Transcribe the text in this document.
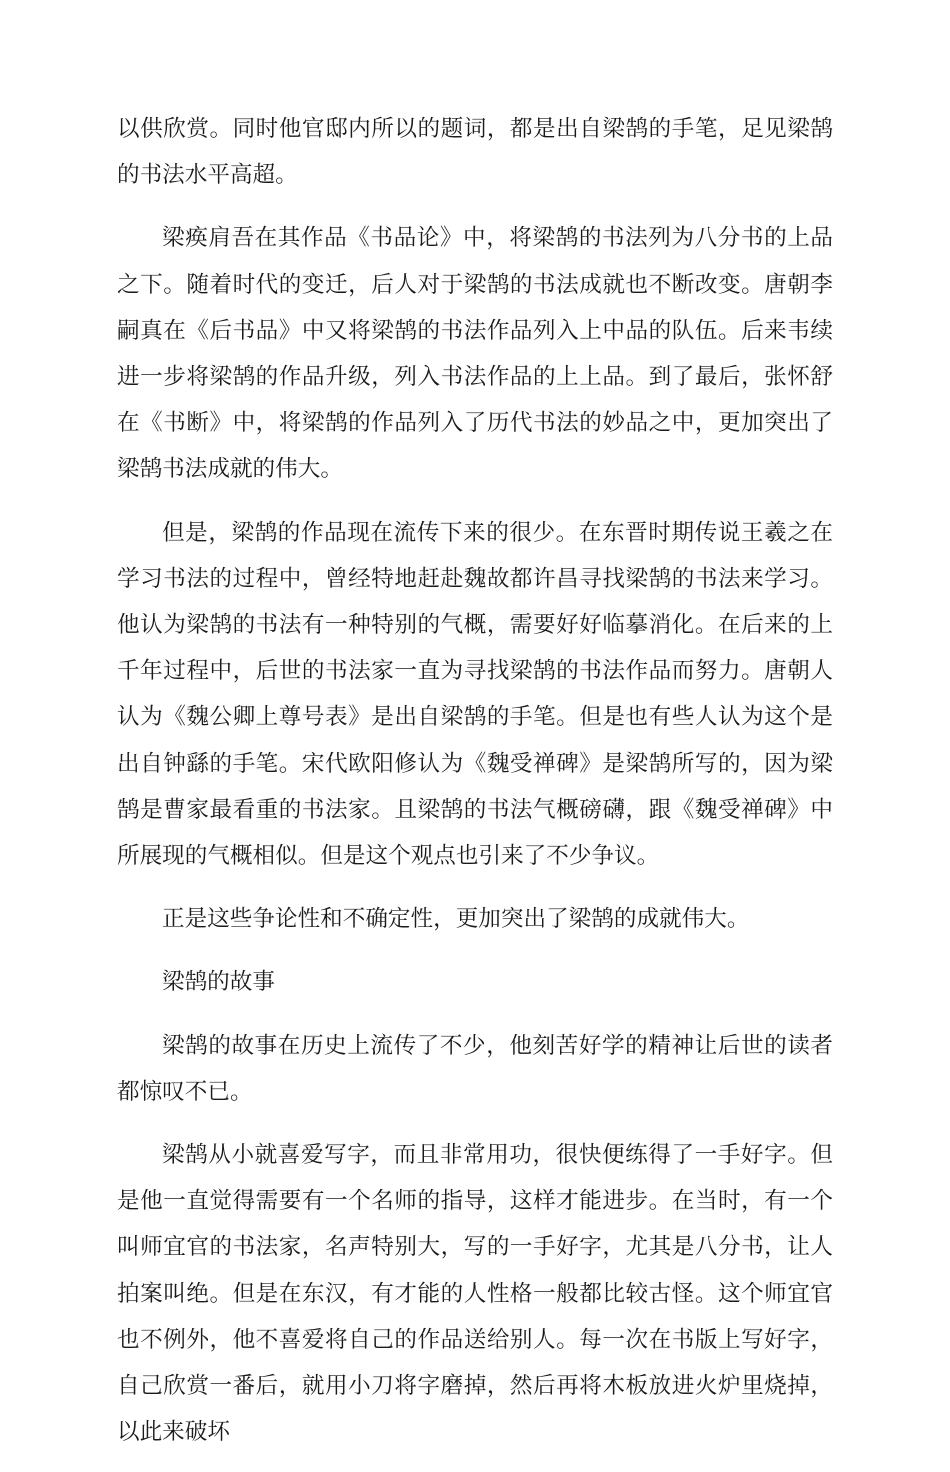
以供欣赏。同时他官邸内所以的题词，都是出自梁鹄的手笔，足见梁鹄的书法水平高超。

梁痪肩吾在其作品《书品论》中，将梁鹄的书法列为八分书的上品之下。随着时代的变迁，后人对于梁鹄的书法成就也不断改变。唐朝李嗣真在《后书品》中又将梁鹄的书法作品列入上中品的队伍。后来韦续进一步将梁鹄的作品升级，列入书法作品的上上品。到了最后，张怀舒在《书断》中，将梁鹄的作品列入了历代书法的妙品之中，更加突出了梁鹄书法成就的伟大。

但是，梁鹄的作品现在流传下来的很少。在东晋时期传说王羲之在学习书法的过程中，曾经特地赶赴魏故都许昌寻找梁鹄的书法来学习。他认为梁鹄的书法有一种特别的气概，需要好好临摹消化。在后来的上千年过程中，后世的书法家一直为寻找梁鹄的书法作品而努力。唐朝人认为《魏公卿上尊号表》是出自梁鹄的手笔。但是也有些人认为这个是出自钟繇的手笔。宋代欧阳修认为《魏受禅碑》是梁鹄所写的，因为梁鹄是曹家最看重的书法家。且梁鹄的书法气概磅礴，跟《魏受禅碑》中所展现的气概相似。但是这个观点也引来了不少争议。

正是这些争论性和不确定性，更加突出了梁鹄的成就伟大。

梁鹄的故事

梁鹄的故事在历史上流传了不少，他刻苦好学的精神让后世的读者都惊叹不已。

梁鹄从小就喜爱写字，而且非常用功，很快便练得了一手好字。但是他一直觉得需要有一个名师的指导，这样才能进步。在当时，有一个叫师宜官的书法家，名声特别大，写的一手好字，尤其是八分书，让人拍案叫绝。但是在东汉，有才能的人性格一般都比较古怪。这个师宜官也不例外，他不喜爱将自己的作品送给别人。每一次在书版上写好字，自己欣赏一番后，就用小刀将字磨掉，然后再将木板放进火炉里烧掉，以此来破坏
